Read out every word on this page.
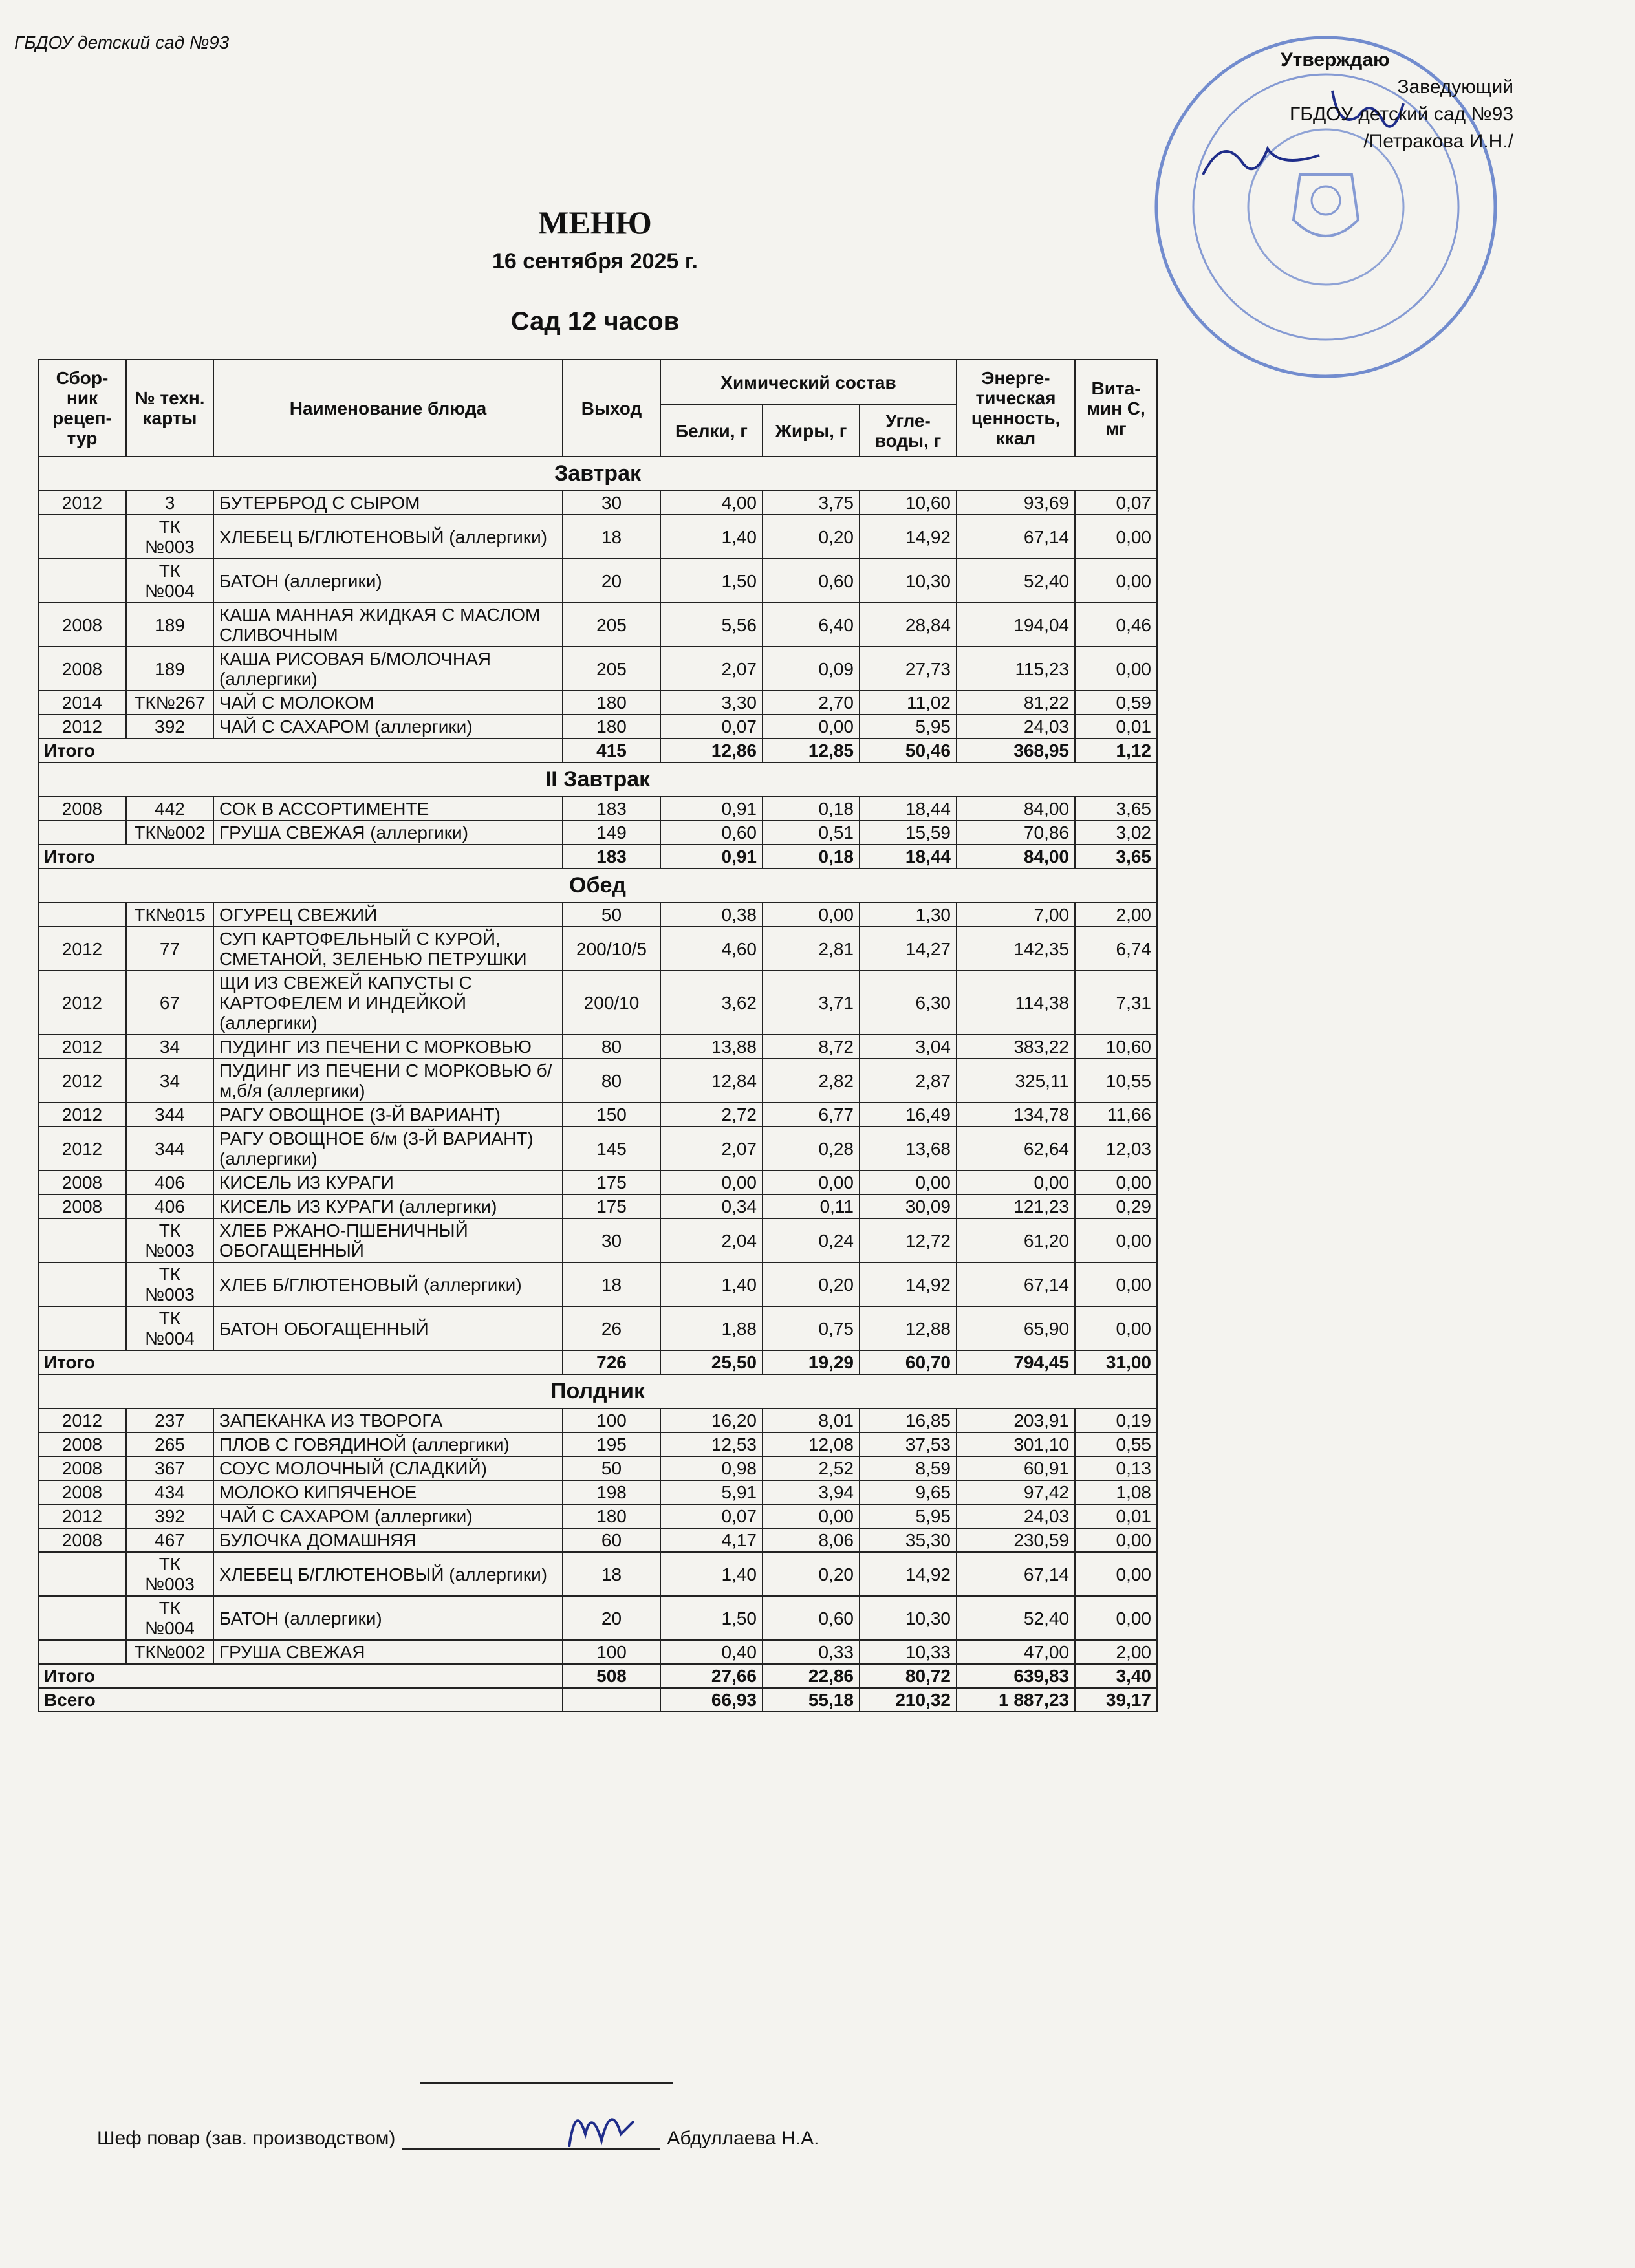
ГБДОУ детский сад №93
Утверждаю
Заведующий
ГБДОУ детский сад №93
/Петракова И.Н./
МЕНЮ
16 сентября 2025 г.
Сад 12 часов
Сбор-ник рецеп-тур	№ техн. карты	Наименование блюда	Выход	Химический состав			Энерге-тическая ценность, ккал	Вита-мин С, мг
				Белки, г	Жиры, г	Угле-воды, г		
Завтрак								
2012	3	БУТЕРБРОД С СЫРОМ	30	4,00	3,75	10,60	93,69	0,07
	ТК №003	ХЛЕБЕЦ Б/ГЛЮТЕНОВЫЙ (аллергики)	18	1,40	0,20	14,92	67,14	0,00
	ТК №004	БАТОН (аллергики)	20	1,50	0,60	10,30	52,40	0,00
2008	189	КАША МАННАЯ ЖИДКАЯ С МАСЛОМ СЛИВОЧНЫМ	205	5,56	6,40	28,84	194,04	0,46
2008	189	КАША РИСОВАЯ Б/МОЛОЧНАЯ (аллергики)	205	2,07	0,09	27,73	115,23	0,00
2014	ТК№267	ЧАЙ С МОЛОКОМ	180	3,30	2,70	11,02	81,22	0,59
2012	392	ЧАЙ С САХАРОМ (аллергики)	180	0,07	0,00	5,95	24,03	0,01
Итого			415	12,86	12,85	50,46	368,95	1,12
II Завтрак								
2008	442	СОК В АССОРТИМЕНТЕ	183	0,91	0,18	18,44	84,00	3,65
	ТК№002	ГРУША СВЕЖАЯ (аллергики)	149	0,60	0,51	15,59	70,86	3,02
Итого			183	0,91	0,18	18,44	84,00	3,65
Обед								
	ТК№015	ОГУРЕЦ СВЕЖИЙ	50	0,38	0,00	1,30	7,00	2,00
2012	77	СУП КАРТОФЕЛЬНЫЙ С КУРОЙ, СМЕТАНОЙ, ЗЕЛЕНЬЮ ПЕТРУШКИ	200/10/5	4,60	2,81	14,27	142,35	6,74
2012	67	ЩИ ИЗ СВЕЖЕЙ КАПУСТЫ С КАРТОФЕЛЕМ И ИНДЕЙКОЙ (аллергики)	200/10	3,62	3,71	6,30	114,38	7,31
2012	34	ПУДИНГ ИЗ ПЕЧЕНИ С МОРКОВЬЮ	80	13,88	8,72	3,04	383,22	10,60
2012	34	ПУДИНГ ИЗ ПЕЧЕНИ С МОРКОВЬЮ б/м,б/я (аллергики)	80	12,84	2,82	2,87	325,11	10,55
2012	344	РАГУ ОВОЩНОЕ (3-Й ВАРИАНТ)	150	2,72	6,77	16,49	134,78	11,66
2012	344	РАГУ ОВОЩНОЕ б/м (3-Й ВАРИАНТ) (аллергики)	145	2,07	0,28	13,68	62,64	12,03
2008	406	КИСЕЛЬ ИЗ КУРАГИ	175	0,00	0,00	0,00	0,00	0,00
2008	406	КИСЕЛЬ ИЗ КУРАГИ (аллергики)	175	0,34	0,11	30,09	121,23	0,29
	ТК №003	ХЛЕБ РЖАНО-ПШЕНИЧНЫЙ ОБОГАЩЕННЫЙ	30	2,04	0,24	12,72	61,20	0,00
	ТК №003	ХЛЕБ Б/ГЛЮТЕНОВЫЙ (аллергики)	18	1,40	0,20	14,92	67,14	0,00
	ТК №004	БАТОН ОБОГАЩЕННЫЙ	26	1,88	0,75	12,88	65,90	0,00
Итого			726	25,50	19,29	60,70	794,45	31,00
Полдник								
2012	237	ЗАПЕКАНКА ИЗ ТВОРОГА	100	16,20	8,01	16,85	203,91	0,19
2008	265	ПЛОВ С ГОВЯДИНОЙ (аллергики)	195	12,53	12,08	37,53	301,10	0,55
2008	367	СОУС МОЛОЧНЫЙ (СЛАДКИЙ)	50	0,98	2,52	8,59	60,91	0,13
2008	434	МОЛОКО КИПЯЧЕНОЕ	198	5,91	3,94	9,65	97,42	1,08
2012	392	ЧАЙ С САХАРОМ (аллергики)	180	0,07	0,00	5,95	24,03	0,01
2008	467	БУЛОЧКА ДОМАШНЯЯ	60	4,17	8,06	35,30	230,59	0,00
	ТК №003	ХЛЕБЕЦ Б/ГЛЮТЕНОВЫЙ (аллергики)	18	1,40	0,20	14,92	67,14	0,00
	ТК №004	БАТОН (аллергики)	20	1,50	0,60	10,30	52,40	0,00
	ТК№002	ГРУША СВЕЖАЯ	100	0,40	0,33	10,33	47,00	2,00
Итого			508	27,66	22,86	80,72	639,83	3,40
Всего				66,93	55,18	210,32	1 887,23	39,17
Шеф повар (зав. производством)	Абдуллаева Н.А.
